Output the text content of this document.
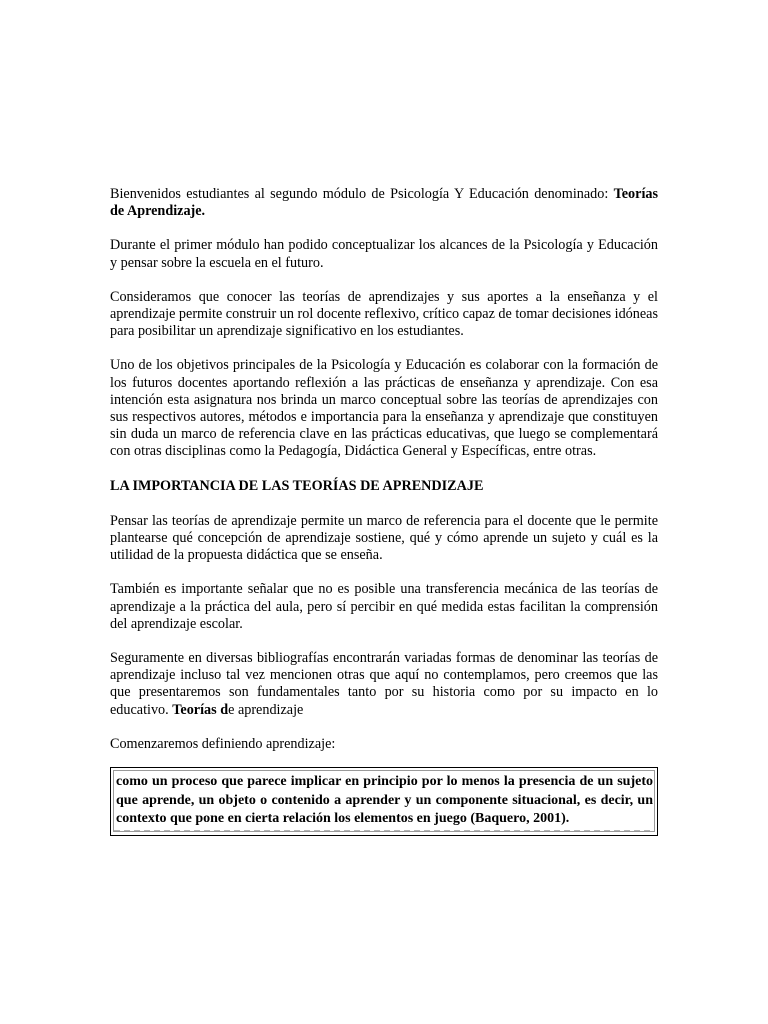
Bienvenidos estudiantes al segundo módulo de Psicología Y Educación denominado: Teorías de Aprendizaje.

Durante el primer módulo han podido conceptualizar los alcances de la Psicología y Educación y pensar sobre la escuela en el futuro.

Consideramos que conocer las teorías de aprendizajes y sus aportes a la enseñanza y el aprendizaje permite construir un rol docente reflexivo, crítico capaz de tomar decisiones idóneas para posibilitar un aprendizaje significativo en los estudiantes.

Uno de los objetivos principales de la Psicología y Educación es colaborar con la formación de los futuros docentes aportando reflexión a las prácticas de enseñanza y aprendizaje. Con esa intención esta asignatura nos brinda un marco conceptual sobre las teorías de aprendizajes con sus respectivos autores, métodos e importancia para la enseñanza y aprendizaje que constituyen sin duda un marco de referencia clave en las prácticas educativas, que luego se complementará con otras disciplinas como la Pedagogía, Didáctica General y Específicas, entre otras.

LA IMPORTANCIA DE LAS TEORÍAS DE APRENDIZAJE

Pensar las teorías de aprendizaje permite un marco de referencia para el docente que le permite plantearse qué concepción de aprendizaje sostiene, qué y cómo aprende un sujeto y cuál es la utilidad de la propuesta didáctica que se enseña.

También es importante señalar que no es posible una transferencia mecánica de las teorías de aprendizaje a la práctica del aula, pero sí percibir en qué medida estas facilitan la comprensión del aprendizaje escolar.

Seguramente en diversas bibliografías encontrarán variadas formas de denominar las teorías de aprendizaje incluso tal vez mencionen otras que aquí no contemplamos, pero creemos que las que presentaremos son fundamentales tanto por su historia como por su impacto en lo educativo. Teorías de aprendizaje

Comenzaremos definiendo aprendizaje:

como un proceso que parece implicar en principio por lo menos la presencia de un sujeto que aprende, un objeto o contenido a aprender y un componente situacional, es decir, un contexto que pone en cierta relación los elementos en juego (Baquero, 2001).
